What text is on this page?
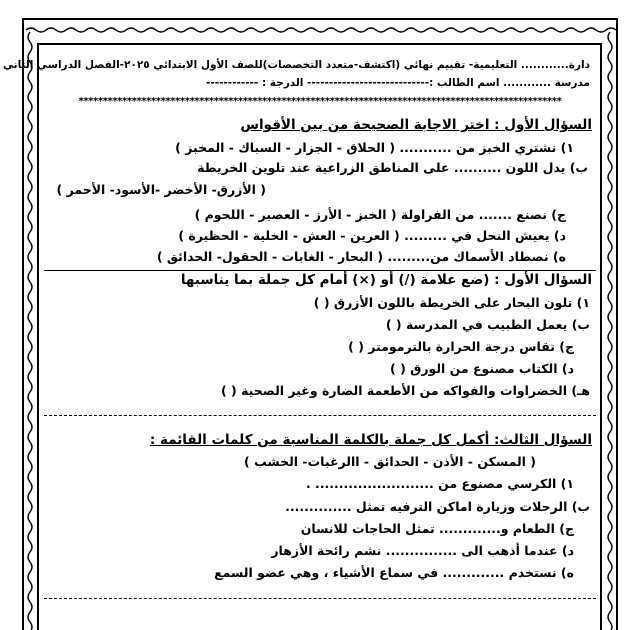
دارة............ التعليمية- تقييم نهائي (اكتشف-متعدد التخصصات)للصف الأول الابتدائي ٢٠٢٥-الفصل الدراسي الثاني
مدرسة ............ اسم الطالب :---------------------------- الدرجة : ------------
****************************************************************************************************
السؤال الأول : اختر الاجابة الصحيحة من بين الأقواس
١) نشتري الخبز من ........... ( الحلاق - الجزار - السباك - المخبز )
ب) يدل اللون .......... على المناطق الزراعية عند تلوين الخريطة
( الأزرق- الأخضر -الأسود- الأحمر )
ج) نصنع ....... من الفراولة ( الخبز - الأرز - العصير - اللحوم )
د) يعيش النحل في ......... ( العرين - العش - الخلية - الحظيرة )
ه) نصطاد الأسماك من......... ( البحار - الغابات - الحقول- الحدائق )
السؤال الأول : (ضع علامة (/) أو (×) أمام كل جملة بما يناسبها
١) تلون البحار على الخريطة باللون الأزرق ( )
ب) يعمل الطبيب في المدرسة ( )
ج) تقاس درجة الحرارة بالترمومتر ( )
د) الكتاب مصنوع من الورق ( )
هـ) الخضراوات والفواكه من الأطعمة الضارة وغير الصحية ( )
السؤال الثالث: أكمل كل جملة بالكلمة المناسبة من كلمات القائمة :
( المسكن - الأذن - الحدائق - االرغبات- الخشب )
١) الكرسي مصنوع من ......................... .
ب) الرحلات وزيارة اماكن الترفيه تمثل ..............
ج) الطعام و............. تمثل الحاجات للانسان
د) عندما أذهب الى ............... نشم رائحة الأزهار
ه) نستخدم ............. في سماع الأشياء ، وهي عضو السمع
